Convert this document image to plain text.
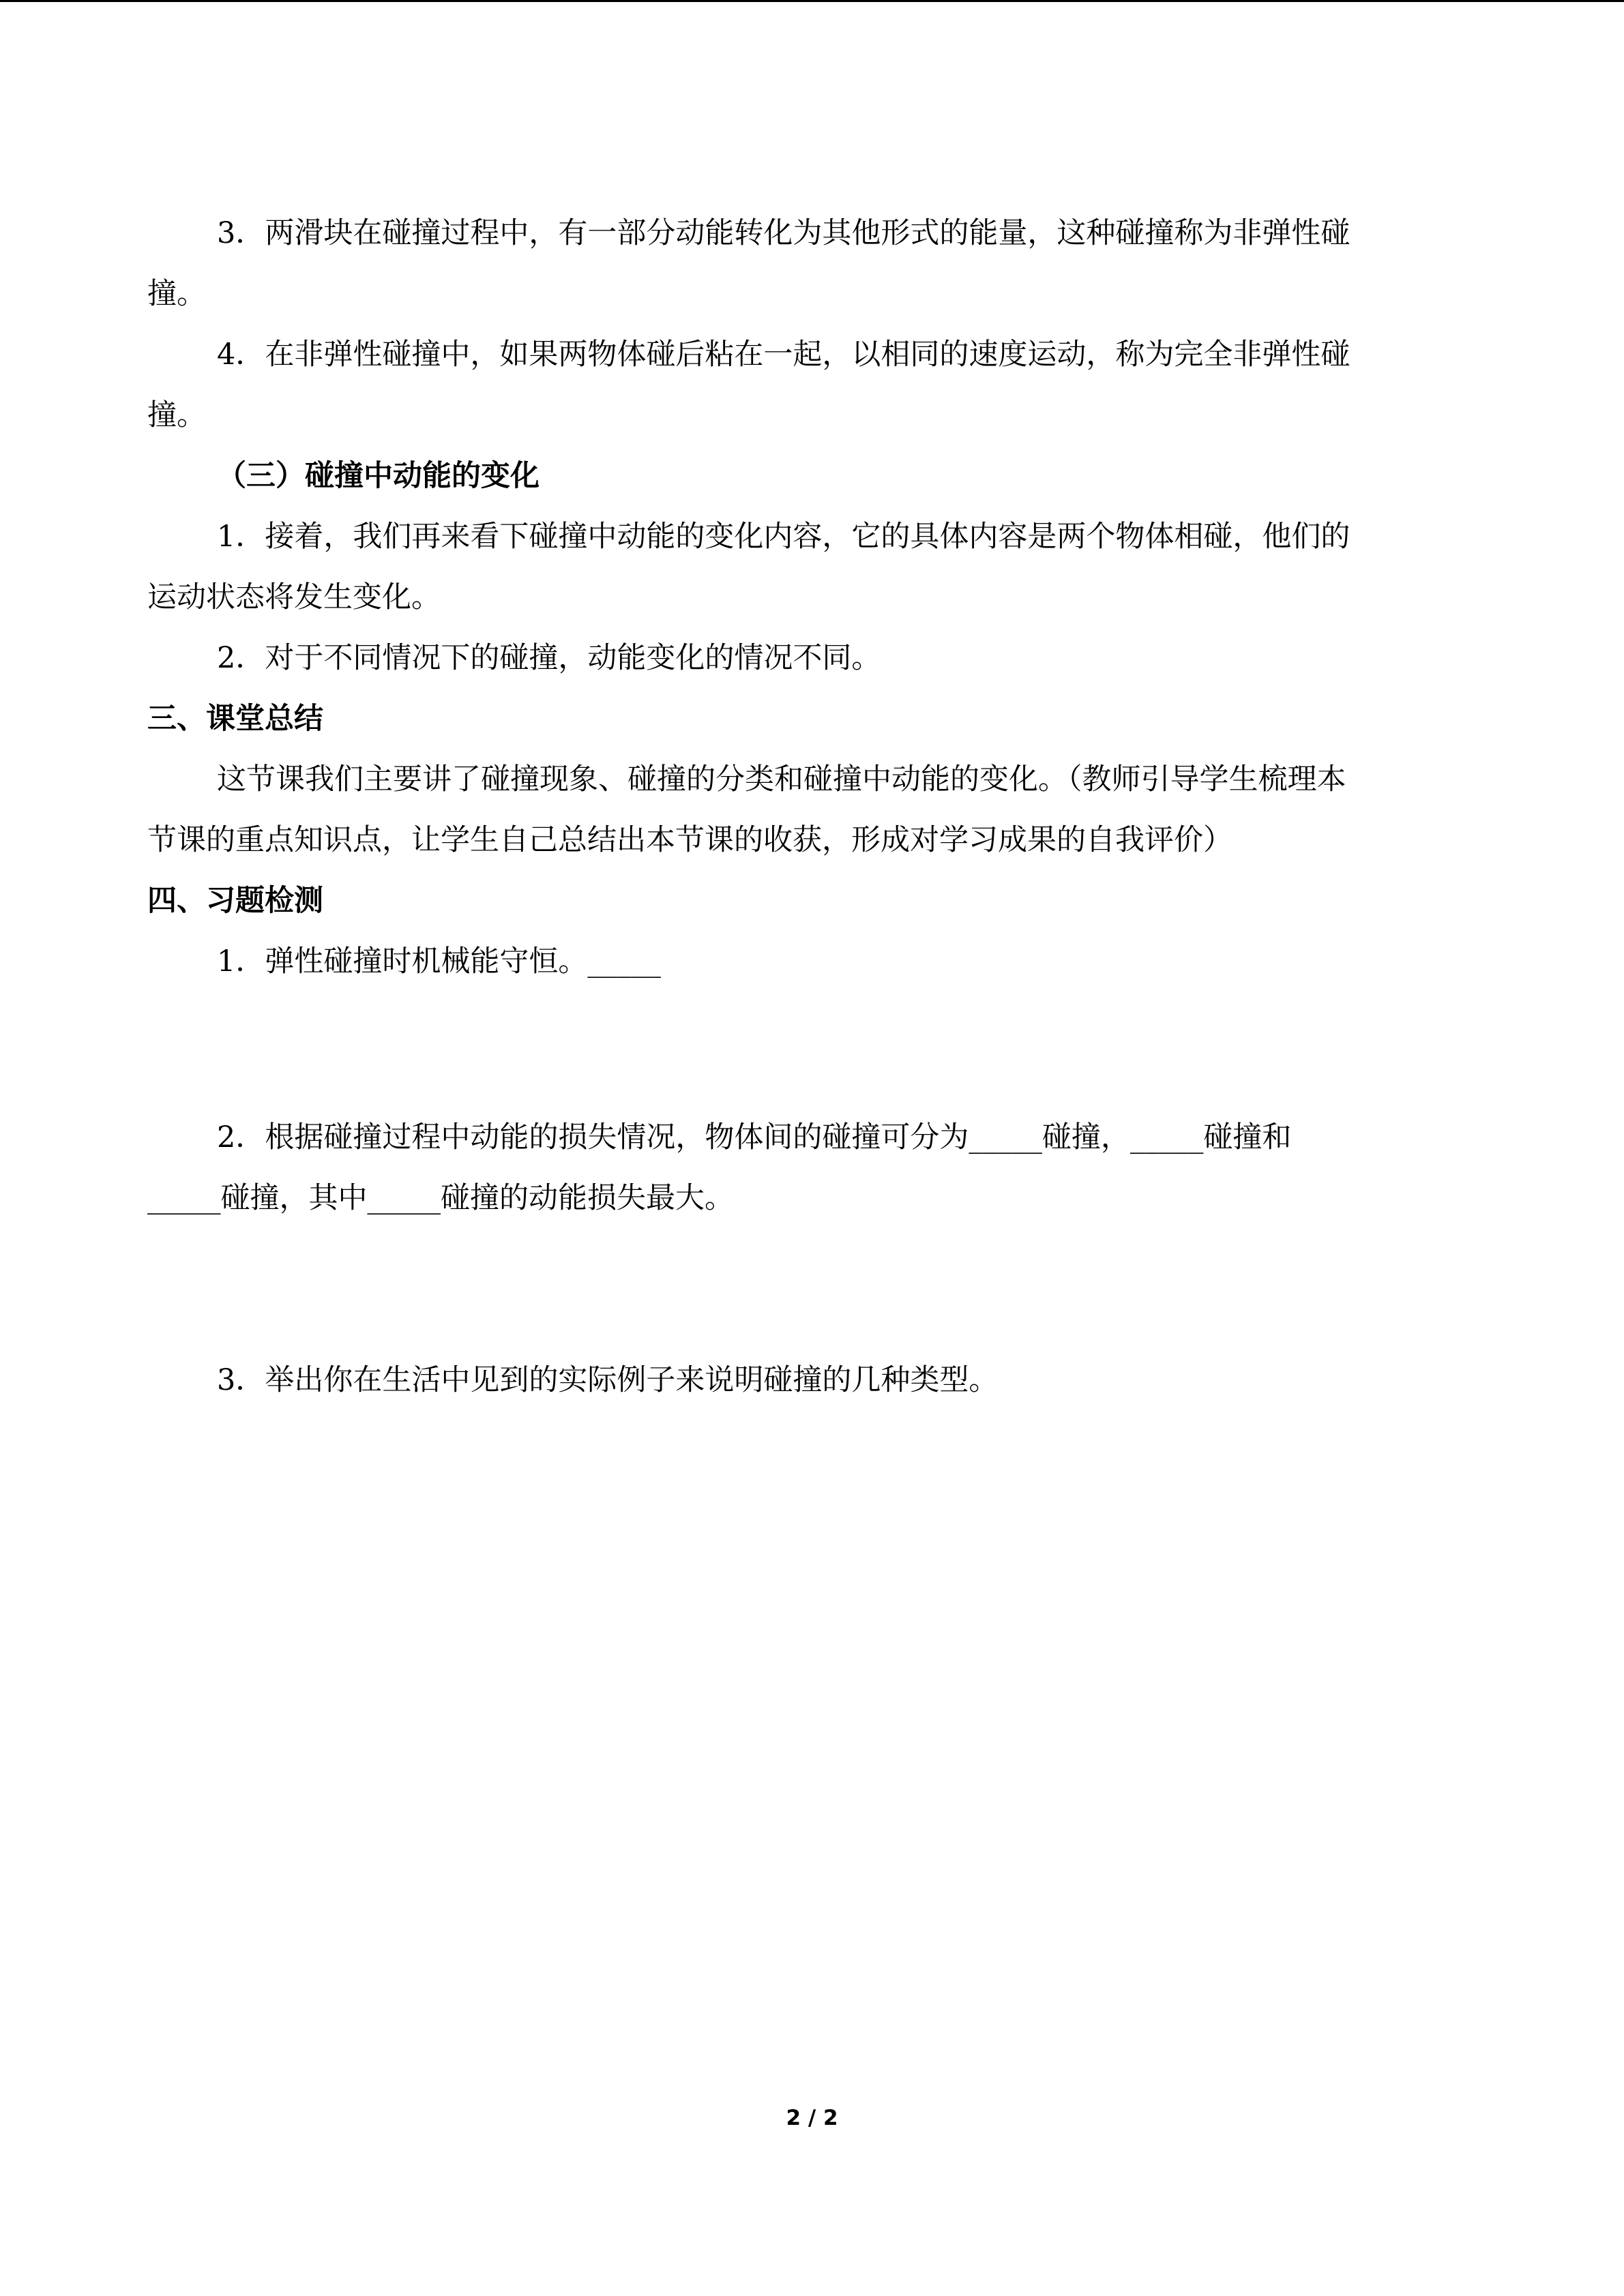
3．两滑块在碰撞过程中，有一部分动能转化为其他形式的能量，这种碰撞称为非弹性碰
撞。
4．在非弹性碰撞中，如果两物体碰后粘在一起，以相同的速度运动，称为完全非弹性碰
撞。
（三）碰撞中动能的变化
1．接着，我们再来看下碰撞中动能的变化内容，它的具体内容是两个物体相碰，他们的
运动状态将发生变化。
2．对于不同情况下的碰撞，动能变化的情况不同。
三、课堂总结
这节课我们主要讲了碰撞现象、碰撞的分类和碰撞中动能的变化。（教师引导学生梳理本
节课的重点知识点，让学生自己总结出本节课的收获，形成对学习成果的自我评价）
四、习题检测
1．弹性碰撞时机械能守恒。_____
2．根据碰撞过程中动能的损失情况，物体间的碰撞可分为_____碰撞，_____碰撞和
_____碰撞，其中_____碰撞的动能损失最大。
3．举出你在生活中见到的实际例子来说明碰撞的几种类型。
2 / 2
